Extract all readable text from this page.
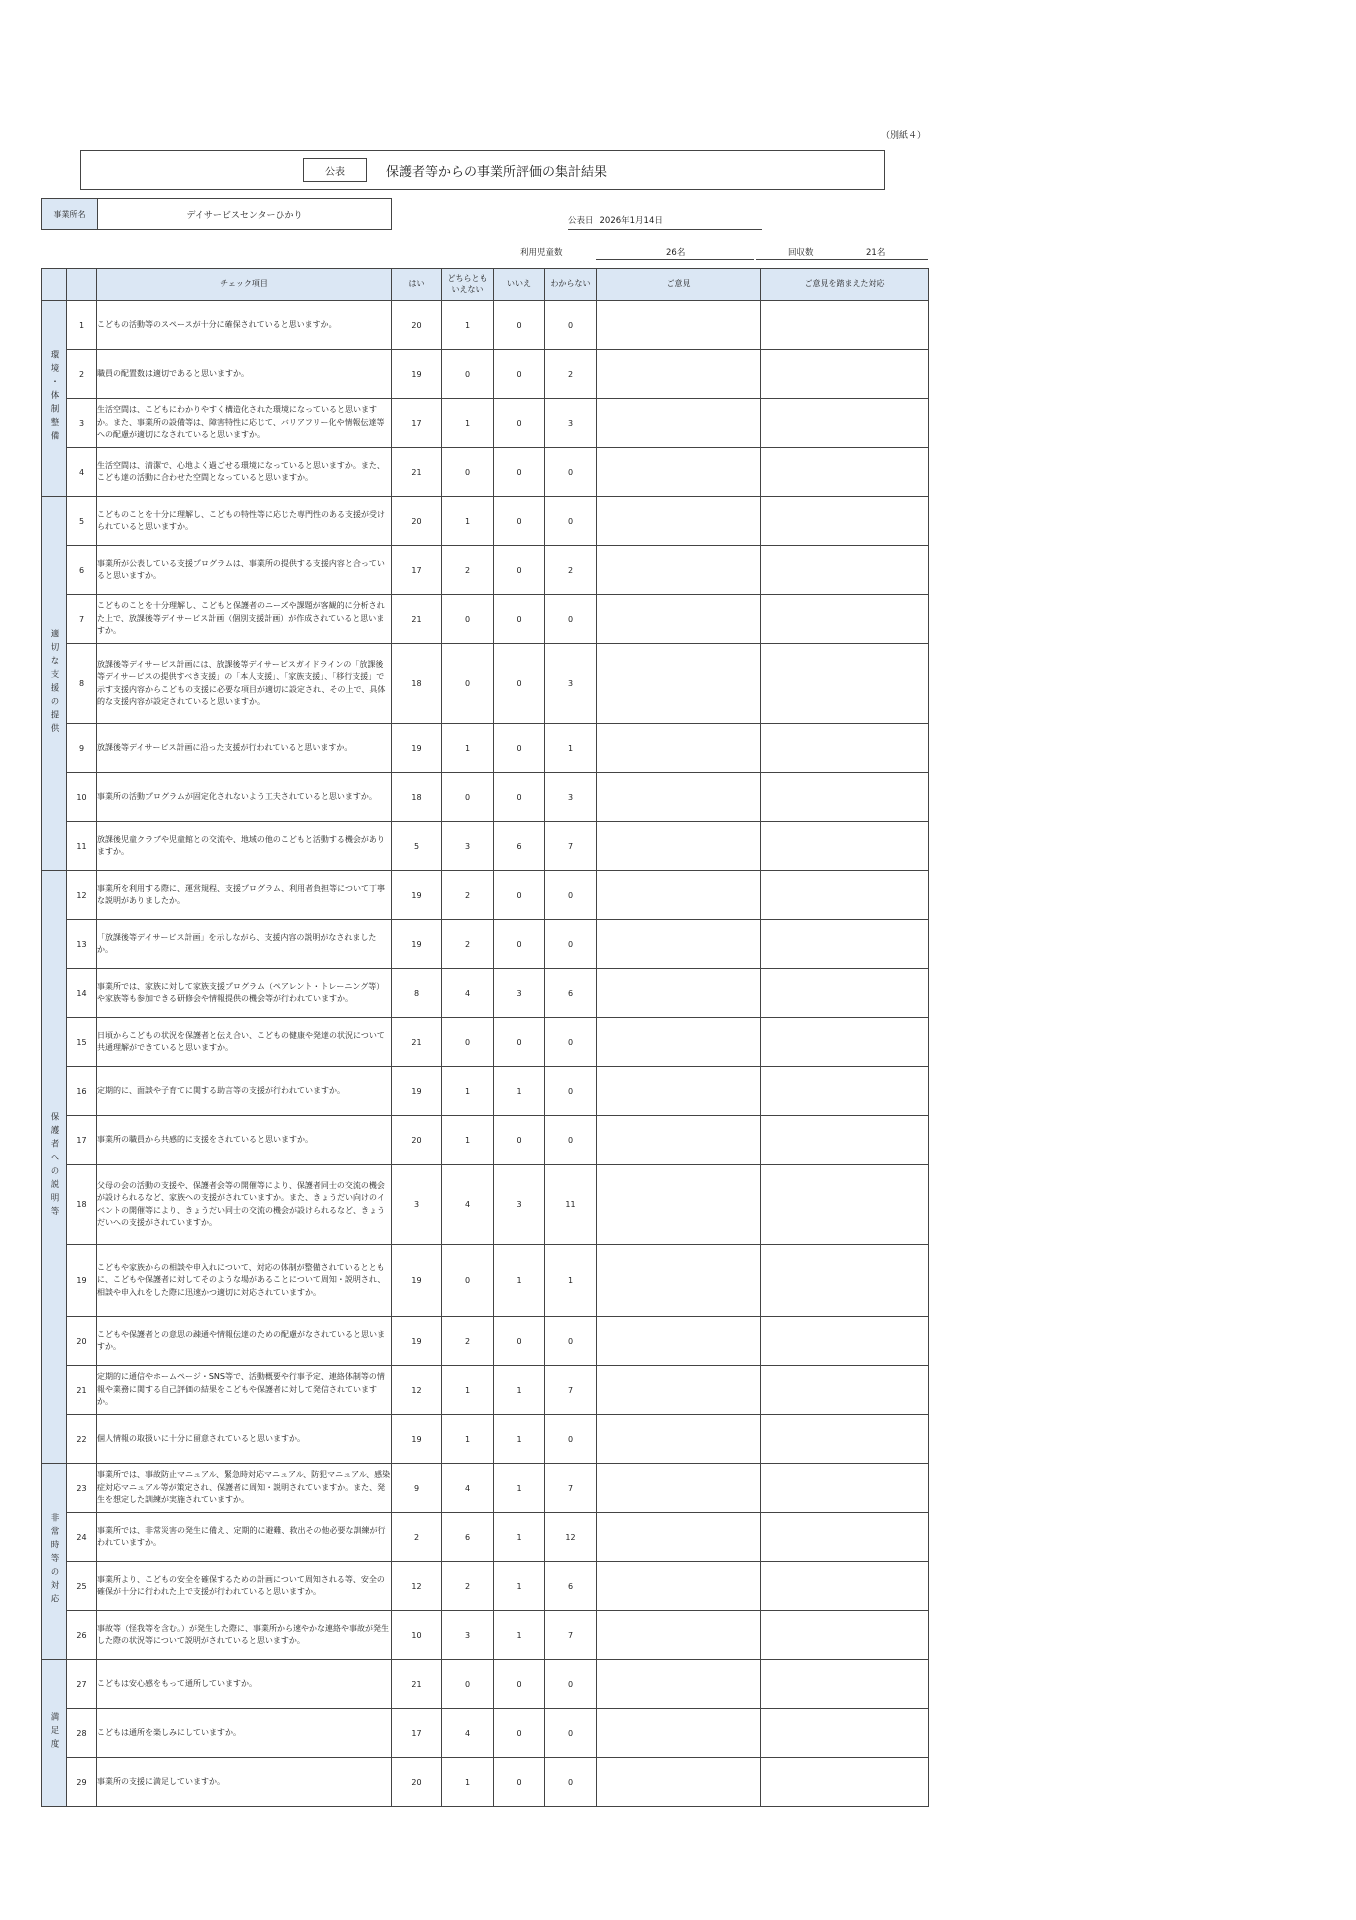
（別紙４）
公表	保護者等からの事業所評価の集計結果
事業所名	デイサービスセンターひかり
公表日 2026年1月14日
利用児童数	26名	回収数	21名
		チェック項目	はい	どちらとも
いえない	いいえ	わからない	ご意見	ご意見を踏まえた対応
環境・体制整備	1	こどもの活動等のスペースが十分に確保されていると思いますか。	20	1	0	0		
	2	職員の配置数は適切であると思いますか。	19	0	0	2		
	3	生活空間は、こどもにわかりやすく構造化された環境になっていると思いますか。また、事業所の設備等は、障害特性に応じて、バリアフリー化や情報伝達等への配慮が適切になされていると思いますか。	17	1	0	3		
	4	生活空間は、清潔で、心地よく過ごせる環境になっていると思いますか。また、こども達の活動に合わせた空間となっていると思いますか。	21	0	0	0		
適切な支援の提供	5	こどものことを十分に理解し、こどもの特性等に応じた専門性のある支援が受けられていると思いますか。	20	1	0	0		
	6	事業所が公表している支援プログラムは、事業所の提供する支援内容と合っていると思いますか。	17	2	0	2		
	7	こどものことを十分理解し、こどもと保護者のニーズや課題が客観的に分析された上で、放課後等デイサービス計画（個別支援計画）が作成されていると思いますか。	21	0	0	0		
	8	放課後等デイサービス計画には、放課後等デイサービスガイドラインの「放課後等デイサービスの提供すべき支援」の「本人支援」、「家族支援」、「移行支援」で示す支援内容からこどもの支援に必要な項目が適切に設定され、その上で、具体的な支援内容が設定されていると思いますか。	18	0	0	3		
	9	放課後等デイサービス計画に沿った支援が行われていると思いますか。	19	1	0	1		
	10	事業所の活動プログラムが固定化されないよう工夫されていると思いますか。	18	0	0	3		
	11	放課後児童クラブや児童館との交流や、地域の他のこどもと活動する機会がありますか。	5	3	6	7		
保護者への説明等	12	事業所を利用する際に、運営規程、支援プログラム、利用者負担等について丁寧な説明がありましたか。	19	2	0	0		
	13	「放課後等デイサービス計画」を示しながら、支援内容の説明がなされましたか。	19	2	0	0		
	14	事業所では、家族に対して家族支援プログラム（ペアレント・トレーニング等）や家族等も参加できる研修会や情報提供の機会等が行われていますか。	8	4	3	6		
	15	日頃からこどもの状況を保護者と伝え合い、こどもの健康や発達の状況について共通理解ができていると思いますか。	21	0	0	0		
	16	定期的に、面談や子育てに関する助言等の支援が行われていますか。	19	1	1	0		
	17	事業所の職員から共感的に支援をされていると思いますか。	20	1	0	0		
	18	父母の会の活動の支援や、保護者会等の開催等により、保護者同士の交流の機会が設けられるなど、家族への支援がされていますか。また、きょうだい向けのイベントの開催等により、きょうだい同士の交流の機会が設けられるなど、きょうだいへの支援がされていますか。	3	4	3	11		
	19	こどもや家族からの相談や申入れについて、対応の体制が整備されているとともに、こどもや保護者に対してそのような場があることについて周知・説明され、相談や申入れをした際に迅速かつ適切に対応されていますか。	19	0	1	1		
	20	こどもや保護者との意思の疎通や情報伝達のための配慮がなされていると思いますか。	19	2	0	0		
	21	定期的に通信やホームページ・SNS等で、活動概要や行事予定、連絡体制等の情報や業務に関する自己評価の結果をこどもや保護者に対して発信されていますか。	12	1	1	7		
	22	個人情報の取扱いに十分に留意されていると思いますか。	19	1	1	0		
非常時等の対応	23	事業所では、事故防止マニュアル、緊急時対応マニュアル、防犯マニュアル、感染症対応マニュアル等が策定され、保護者に周知・説明されていますか。また、発生を想定した訓練が実施されていますか。	9	4	1	7		
	24	事業所では、非常災害の発生に備え、定期的に避難、救出その他必要な訓練が行われていますか。	2	6	1	12		
	25	事業所より、こどもの安全を確保するための計画について周知される等、安全の確保が十分に行われた上で支援が行われていると思いますか。	12	2	1	6		
	26	事故等（怪我等を含む。）が発生した際に、事業所から速やかな連絡や事故が発生した際の状況等について説明がされていると思いますか。	10	3	1	7		
満足度	27	こどもは安心感をもって通所していますか。	21	0	0	0		
	28	こどもは通所を楽しみにしていますか。	17	4	0	0		
	29	事業所の支援に満足していますか。	20	1	0	0		
